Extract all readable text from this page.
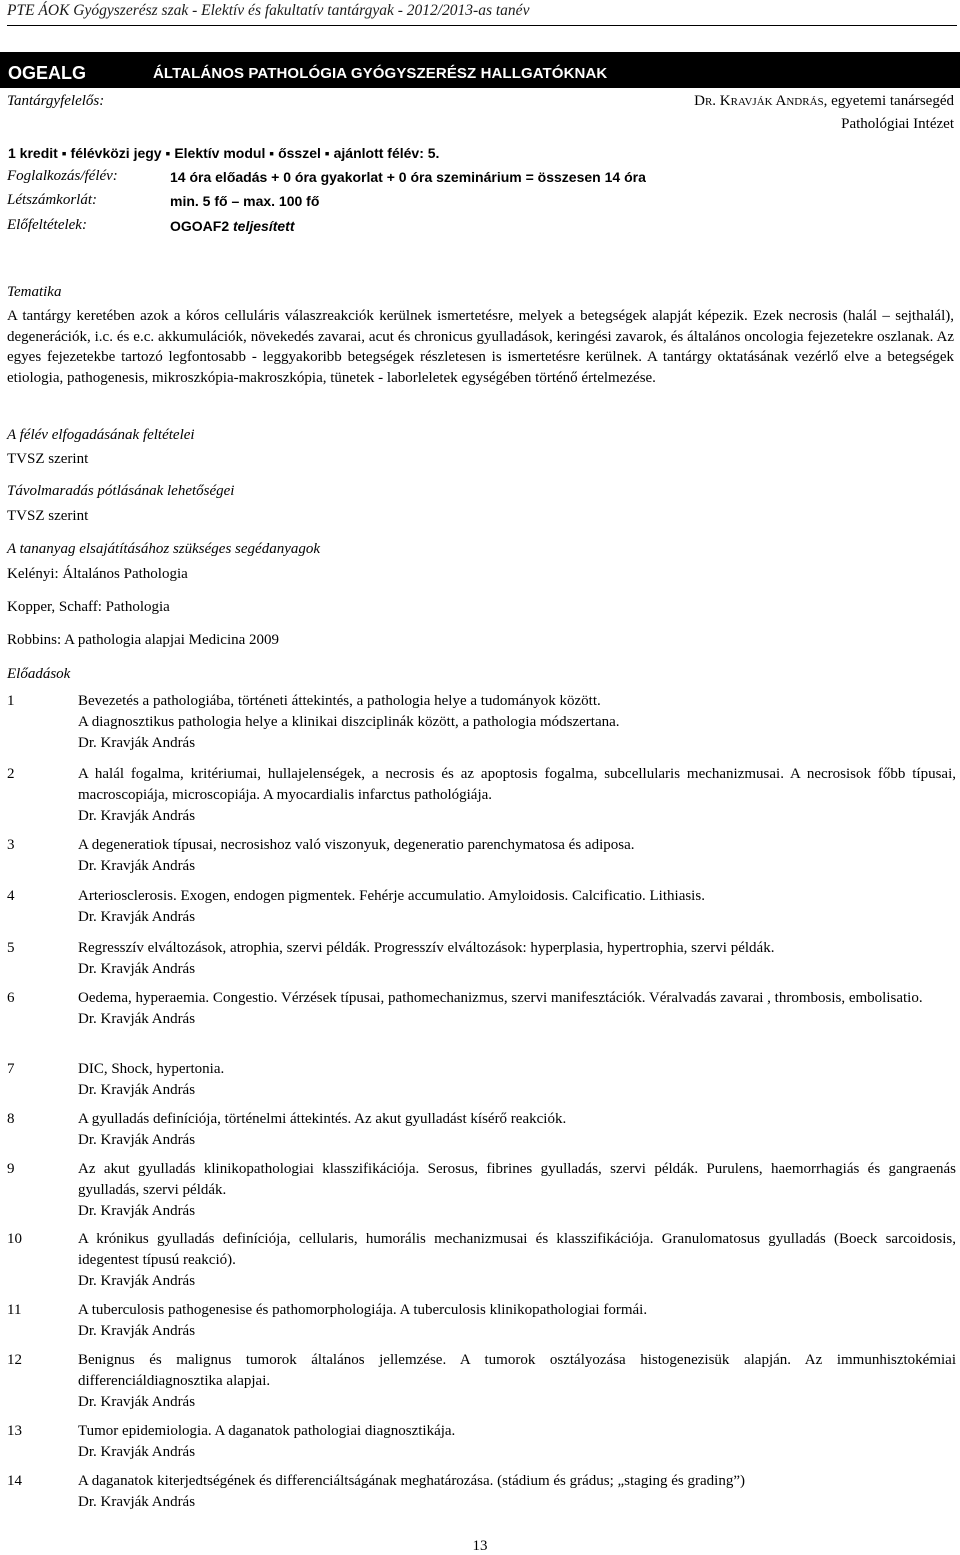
PTE ÁOK Gyógyszerész szak - Elektív és fakultatív tantárgyak - 2012/2013-as tanév
OGEALG	ÁLTALÁNOS PATHOLÓGIA GYÓGYSZERÉSZ HALLGATÓKNAK
Tantárgyfelelős:	Dr. Kravják András, egyetemi tanársegéd
Pathológiai Intézet
1 kredit ▪ félévközi jegy ▪ Elektív modul ▪ ősszel ▪ ajánlott félév: 5.
Foglalkozás/félév:	14 óra előadás + 0 óra gyakorlat + 0 óra szeminárium = összesen 14 óra
Létszámkorlát:	min. 5 fő – max. 100 fő
Előfeltételek:	OGOAF2 teljesített
Tematika
A tantárgy keretében azok a kóros celluláris válaszreakciók kerülnek ismertetésre, melyek a betegségek alapját képezik. Ezek necrosis (halál – sejthalál), degenerációk, i.c. és e.c. akkumulációk, növekedés zavarai, acut és chronicus gyulladások, keringési zavarok, és általános oncologia fejezetekre oszlanak. Az egyes fejezetekbe tartozó legfontosabb - leggyakoribb betegségek részletesen is ismertetésre kerülnek. A tantárgy oktatásának vezérlő elve a betegségek etiologia, pathogenesis, mikroszkópia-makroszkópia, tünetek - laborleletek egységében történő értelmezése.
A félév elfogadásának feltételei
TVSZ szerint
Távolmaradás pótlásának lehetőségei
TVSZ szerint
A tananyag elsajátításához szükséges segédanyagok
Kelényi: Általános Pathologia
Kopper, Schaff: Pathologia
Robbins: A pathologia alapjai Medicina 2009
Előadások
1	Bevezetés a pathologiába, történeti áttekintés, a pathologia helye a tudományok között.
A diagnosztikus pathologia helye a klinikai diszciplinák között, a pathologia módszertana.
Dr. Kravják András
2	A halál fogalma, kritériumai, hullajelenségek, a necrosis és az apoptosis fogalma, subcellularis mechanizmusai. A necrosisok főbb típusai, macroscopiája, microscopiája. A myocardialis infarctus pathológiája.
Dr. Kravják András
3	A degeneratiok típusai, necrosishoz való viszonyuk, degeneratio parenchymatosa és adiposa.
Dr. Kravják András
4	Arteriosclerosis. Exogen, endogen pigmentek. Fehérje accumulatio. Amyloidosis. Calcificatio. Lithiasis.
Dr. Kravják András
5	Regresszív elváltozások, atrophia, szervi példák. Progresszív elváltozások: hyperplasia, hypertrophia, szervi példák.
Dr. Kravják András
6	Oedema, hyperaemia. Congestio. Vérzések típusai, pathomechanizmus, szervi manifesztációk. Véralvadás zavarai , thrombosis, embolisatio.
Dr. Kravják András
7	DIC, Shock, hypertonia.
Dr. Kravják András
8	A gyulladás definíciója, történelmi áttekintés. Az akut gyulladást kísérő reakciók.
Dr. Kravják András
9	Az akut gyulladás klinikopathologiai klasszifikációja. Serosus, fibrines gyulladás, szervi példák. Purulens, haemorrhagiás és gangraenás gyulladás, szervi példák.
Dr. Kravják András
10	A krónikus gyulladás definíciója, cellularis, humorális mechanizmusai és klasszifikációja. Granulomatosus gyulladás (Boeck sarcoidosis, idegentest típusú reakció).
Dr. Kravják András
11	A tuberculosis pathogenesise és pathomorphologiája. A tuberculosis klinikopathologiai formái.
Dr. Kravják András
12	Benignus és malignus tumorok általános jellemzése. A tumorok osztályozása histogenezisük alapján. Az immunhisztokémiai differenciáldiagnosztika alapjai.
Dr. Kravják András
13	Tumor epidemiologia. A daganatok pathologiai diagnosztikája.
Dr. Kravják András
14	A daganatok kiterjedtségének és differenciáltságának meghatározása. (stádium és grádus; „staging és grading”)
Dr. Kravják András
13
